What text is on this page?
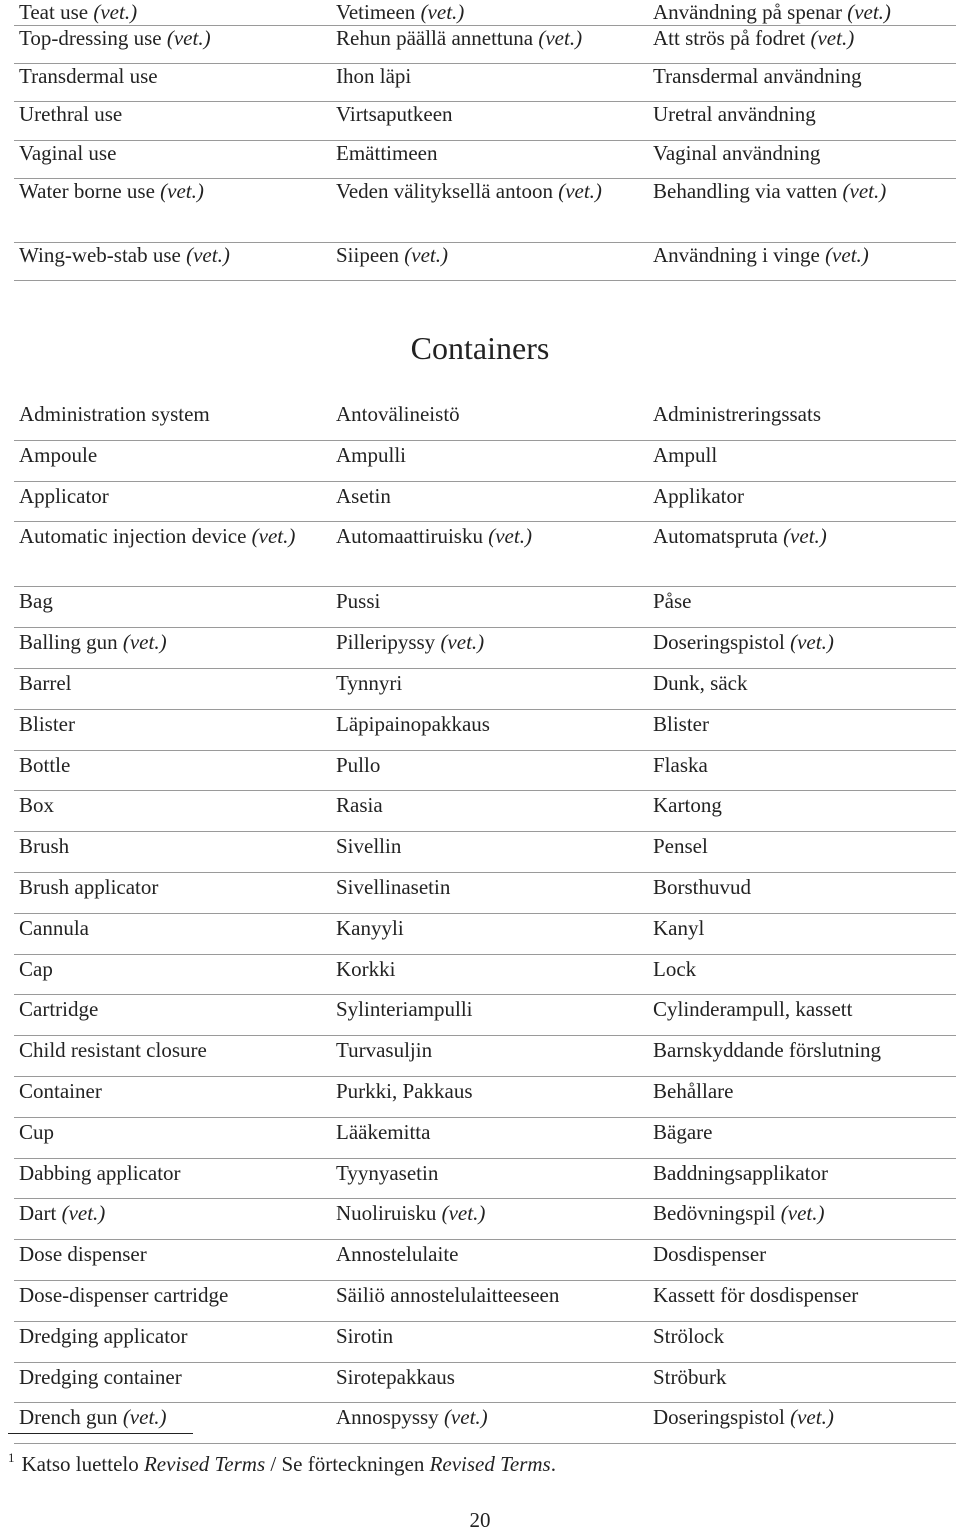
Teat use (vet.)	Vetimeen (vet.)	Användning på spenar (vet.)
Top-dressing use (vet.)	Rehun päällä annettuna (vet.)	Att strös på fodret (vet.)
Transdermal use	Ihon läpi	Transdermal användning
Urethral use	Virtsaputkeen	Uretral användning
Vaginal use	Emättimeen	Vaginal användning
Water borne use (vet.)	Veden välityksellä antoon (vet.)	Behandling via vatten (vet.)
Wing-web-stab use (vet.)	Siipeen (vet.)	Användning i vinge (vet.)
Containers
Administration system	Antovälineistö	Administreringssats
Ampoule	Ampulli	Ampull
Applicator	Asetin	Applikator
Automatic injection device (vet.)	Automaattiruisku (vet.)	Automatspruta (vet.)
Bag	Pussi	Påse
Balling gun (vet.)	Pilleripyssy (vet.)	Doseringspistol (vet.)
Barrel	Tynnyri	Dunk, säck
Blister	Läpipainopakkaus	Blister
Bottle	Pullo	Flaska
Box	Rasia	Kartong
Brush	Sivellin	Pensel
Brush applicator	Sivellinasetin	Borsthuvud
Cannula	Kanyyli	Kanyl
Cap	Korkki	Lock
Cartridge	Sylinteriampulli	Cylinderampull, kassett
Child resistant closure	Turvasuljin	Barnskyddande förslutning
Container	Purkki, Pakkaus	Behållare
Cup	Lääkemitta	Bägare
Dabbing applicator	Tyynyasetin	Baddningsapplikator
Dart (vet.)	Nuoliruisku (vet.)	Bedövningspil (vet.)
Dose dispenser	Annostelulaite	Dosdispenser
Dose-dispenser cartridge	Säiliö annostelulaitteeseen	Kassett för dosdispenser
Dredging applicator	Sirotin	Strölock
Dredging container	Sirotepakkaus	Ströburk
Drench gun (vet.)	Annospyssy (vet.)	Doseringspistol (vet.)
$^1$ Katso luettelo Revised Terms / Se förteckningen Revised Terms.
20
